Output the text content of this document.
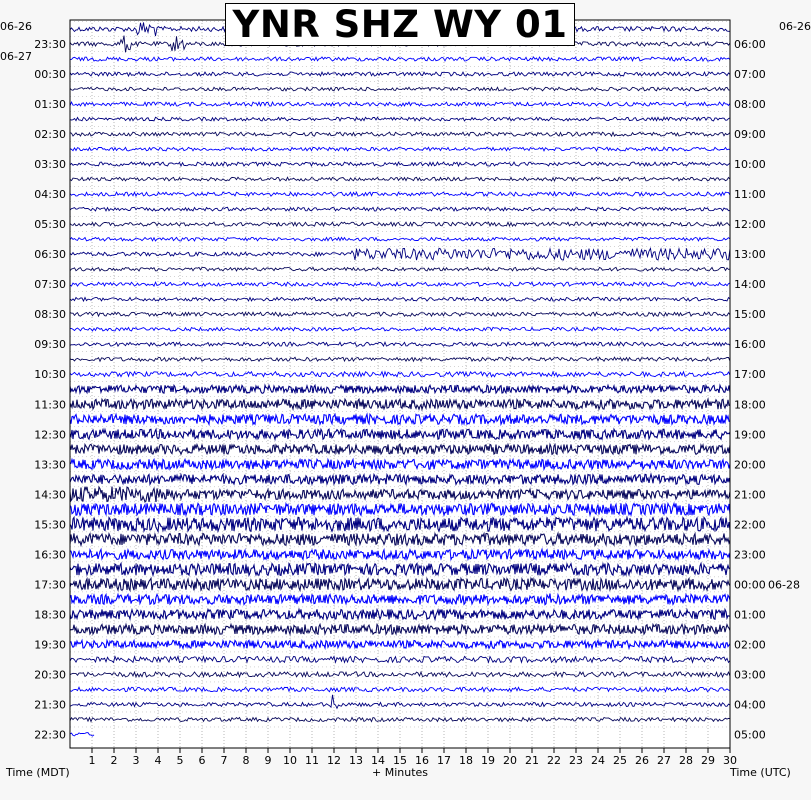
1 2 3 4 5 6 7 8 9 10 11 12 13 14 15 16 17 18 19 20 21 22 23 24 25 26 27 28 29 30
23:30
00:30
01:30
02:30
03:30
04:30
05:30
06:30
07:30
08:30
09:30
10:30
11:30
12:30
13:30
14:30
15:30
16:30
17:30
18:30
19:30
20:30
21:30
22:30
06:00
07:00
08:00
09:00
10:00
11:00
12:00
13:00
14:00
15:00
16:00
17:00
18:00
19:00
20:00
21:00
22:00
23:00
00:00 06-28
01:00
02:00
03:00
04:00
05:00
YNR SHZ WY 01
06-26
06-27
06-26
+ Minutes
Time (MDT)	Time (UTC)
